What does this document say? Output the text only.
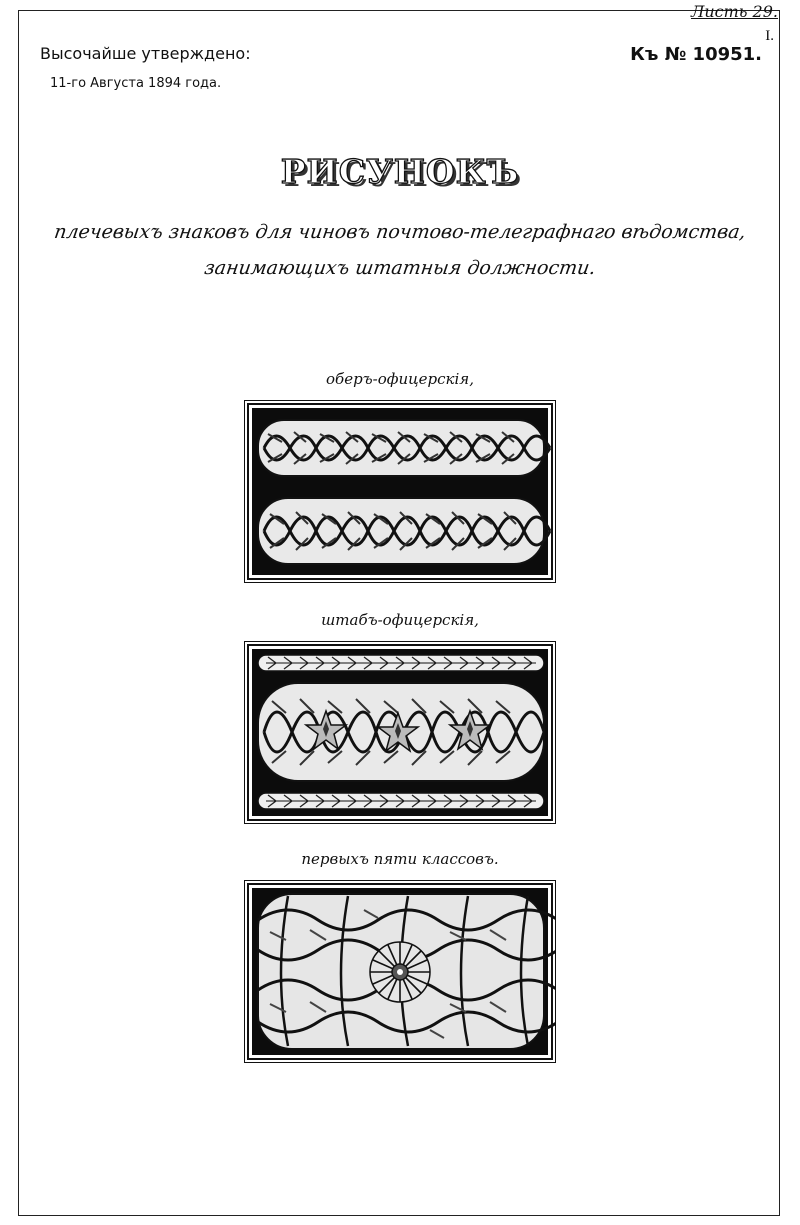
Листь 29.
I.
Высочайше утверждено:
11-го Августа 1894 года.
Къ № 10951.
РИСУНОКЪ
плечевыхъ знаковъ для чиновъ почтово-телеграфнаго вѣдомства,
занимающихъ штатныя должности.
оберъ-офицерскія,
штабъ-офицерскія,
первыхъ пяти классовъ.
